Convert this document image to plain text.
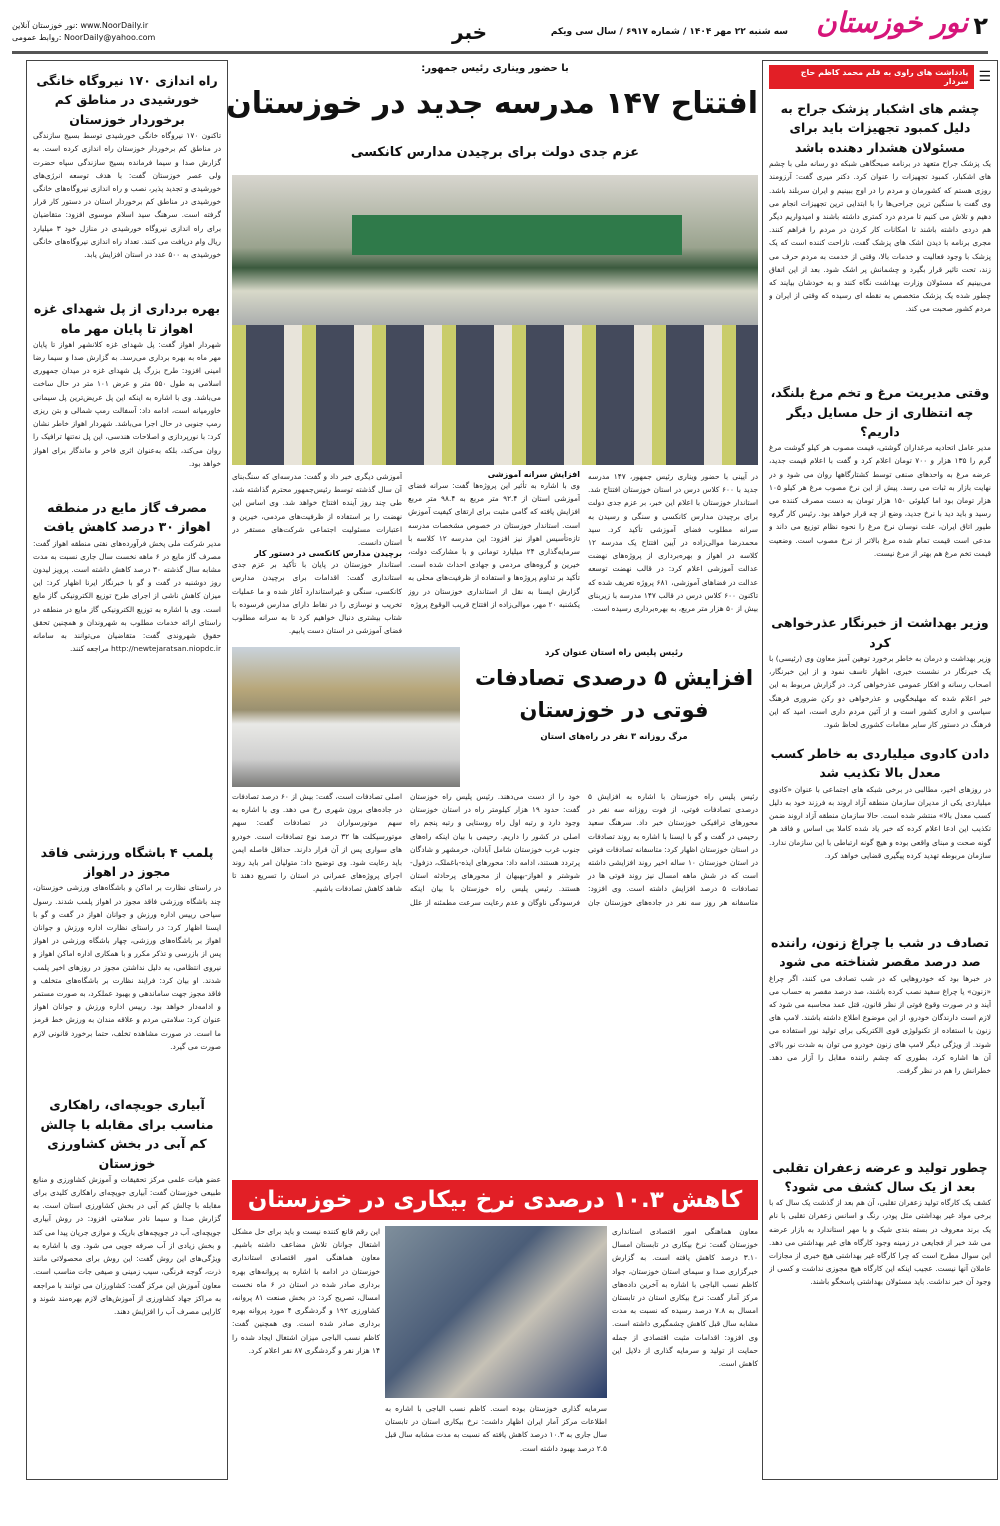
۲
نور خوزستان
سه شنبه ۲۲ مهر ۱۴۰۴ / شماره ۶۹۱۷ / سال سی ویکم
خبر
نور خوزستان آنلاین: www.NoorDaily.ir
روابط عمومی: NoorDaily@yahoo.com
☰
یادداشت های راوی به قلم محمد کاظم حاج سردار
چشم های اشکبار پزشک جراح به دلیل کمبود تجهیزات باید برای مسئولان هشدار دهنده باشد
یک پزشک جراح متعهد در برنامه صبحگاهی شبکه دو رسانه ملی با چشم های اشکبار، کمبود تجهیزات را عنوان کرد. دکتر میری گفت: آرزومند روزی هستم که کشورمان و مردم را در اوج ببینیم و ایران سربلند باشد. وی گفت با سنگین ترین جراحی‌ها را با ابتدایی ترین تجهیزات انجام می دهیم و تلاش می کنیم تا مردم درد کمتری داشته باشند و امیدواریم دیگر هم دردی داشته باشند تا امکانات کار کردن در مردم را فراهم کنند. مجری برنامه با دیدن اشک های پزشک گفت، ناراحت کننده است که یک پزشک با وجود فعالیت و خدمات بالا، وقتی از خدمت به مردم حرف می زند، تحت تاثیر قرار بگیرد و چشمانش پر اشک شود. بعد از این اتفاق می‌بینیم که مسئولان وزارت بهداشت نگاه کنند و به خودشان بیایند که چطور شده یک پزشک متخصص به نقطه ای رسیده که وقتی از ایران و مردم کشور صحبت می کند.
وقتی مدیریت مرغ و تخم مرغ بلنگد، چه انتظاری از حل مسایل دیگر داریم؟
مدیر عامل اتحادیه مرغداران گوشتی، قیمت مصوب هر کیلو گوشت مرغ گرم را ۱۳۵ هزار و ۷۰۰ تومان اعلام کرد و گفت با اعلام قیمت جدید، عرضه مرغ به واحدهای صنفی توسط کشتارگاهها روان می شود و در نهایت بازار به ثبات می رسد. پیش از این نرخ مصوب مرغ هر کیلو ۱۰۵ هزار تومان بود اما کیلوئی ۱۵۰ هزار تومان به دست مصرف کننده می رسید و باید دید با نرخ جدید، وضع از چه قرار خواهد بود. رئیس کار گروه طیور اتاق ایران، علت نوسان نرخ مرغ را نحوه نظام توزیع می داند و مدعی است قیمت تمام شده مرغ بالاتر از نرخ مصوب است. وضعیت قیمت تخم مرغ هم بهتر از مرغ نیست.
وزیر بهداشت از خبرنگار عذرخواهی کرد
وزیر بهداشت و درمان به خاطر برخورد توهین آمیز معاون وی (رئیسی) با یک خبرنگار در نشست خبری، اظهار تاسف نمود و از این خبرنگار، اصحاب رسانه و افکار عمومی عذرخواهی کرد. در گزارش مربوط به این خبر اعلام شده که مهلبخگویی و عذرخواهی دو رکن ضروری فرهنگ سیاسی و اداری کشور است و از آئین مردم داری است، امید که این فرهنگ در دستور کار سایر مقامات کشوری لحاظ شود.
دادن کادوی میلیاردی به خاطر کسب معدل بالا تکذیب شد
در روزهای اخیر، مطالبی در برخی شبکه های اجتماعی با عنوان «کادوی میلیاردی یکی از مدیران سازمان منطقه آزاد اروند به فرزند خود به دلیل کسب معدل بالا» منتشر شده است. حالا سازمان منطقه آزاد اروند ضمن تکذیب این ادعا اعلام کرده که خبر یاد شده کاملا بی اساس و فاقد هر گونه صحت و مبنای واقعی بوده و هیچ گونه ارتباطی با این سازمان ندارد. سازمان مربوطه تهدید کرده پیگیری قضایی خواهد کرد.
تصادف در شب با چراغ زنون، راننده صد درصد مقصر شناخته می شود
در خبرها بود که خودروهایی که در شب تصادف می کنند، اگر چراغ «زنون» یا چراغ سفید نصب کرده باشند، صد درصد مقصر به حساب می آیند و در صورت وقوع فوتی از نظر قانون، قتل عمد محاسبه می شود که لازم است دارندگان خودرو، از این موضوع اطلاع داشته باشند. لامپ های زنون با استفاده از تکنولوژی قوی الکتریکی برای تولید نور استفاده می شوند. از ویژگی دیگر لامپ های زنون خودرو می توان به شدت نور بالای آن ها اشاره کرد، بطوری که چشم راننده مقابل را آزار می دهد. خطرانش را هم در نظر گرفت.
چطور تولید و عرضه زعفران تقلبی بعد از یک سال کشف می شود؟
کشف یک کارگاه تولید زعفران تقلبی، آن هم بعد از گذشت یک سال که با برخی مواد غیر بهداشتی مثل پودر، رنگ و اسانس زعفران تقلبی با نام یک برند معروف در بسته بندی شیک و با مهر استاندارد به بازار عرضه می شد خبر از فجایعی در زمینه وجود کارگاه های غیر بهداشتی می دهد. این سوال مطرح است که چرا کارگاه غیر بهداشتی هیچ خبری از مجازات عاملان آنها نیست. عجیب اینکه این کارگاه هیچ مجوزی نداشت و کسی از وجود آن خبر نداشت. باید مسئولان بهداشتی پاسخگو باشند.
با حضور ویناری رئیس جمهور:
افتتاح ۱۴۷ مدرسه جدید در خوزستان
عزم جدی دولت برای برچیدن مدارس کانکسی
در آیینی با حضور ویناری رئیس جمهور، ۱۴۷ مدرسه جدید با ۶۰۰ کلاس درس در استان خوزستان افتتاح شد. استاندار خوزستان با اعلام این خبر، بر عزم جدی دولت برای برچیدن مدارس کانکسی و سنگی و رسیدن به سرانه مطلوب فضای آموزشی تأکید کرد. سید محمدرضا موالی‌زاده در آیین افتتاح یک مدرسه ۱۲ کلاسه در اهواز و بهره‌برداری از پروژه‌های نهضت عدالت آموزشی اعلام کرد: در قالب نهضت توسعه عدالت در فضاهای آموزشی، ۶۸۱ پروژه تعریف شده که تاکنون ۶۰۰ کلاس درس در قالب ۱۴۷ مدرسه با زیربنای بیش از ۵۰ هزار متر مربع، به بهره‌برداری رسیده است.
افزایش سرانه آموزشی
وی با اشاره به تأثیر این پروژه‌ها گفت: سرانه فضای آموزشی استان از ۹۲.۴ متر مربع به ۹۸.۴ متر مربع افزایش یافته که گامی مثبت برای ارتقای کیفیت آموزش است. استاندار خوزستان در خصوص مشخصات مدرسه تازه‌تأسیس اهواز نیز افزود: این مدرسه ۱۲ کلاسه با سرمایه‌گذاری ۲۴ میلیارد تومانی و با مشارکت دولت، خیرین و گروه‌های مردمی و جهادی احداث شده است. تأکید بر تداوم پروژه‌ها و استفاده از ظرفیت‌های محلی به گزارش ایسنا به نقل از استانداری خوزستان در روز یکشنبه ۲۰ مهر، موالی‌زاده از افتتاح قریب الوقوع پروژه
آموزشی دیگری خبر داد و گفت: مدرسه‌ای که سنگ‌بنای آن سال گذشته توسط رئیس‌جمهور محترم گذاشته شد، طی چند روز آینده افتتاح خواهد شد. وی اساس این نهضت را بر استفاده از ظرفیت‌های مردمی، خیرین و اعتبارات مسئولیت اجتماعی شرکت‌های مستقر در استان دانست.
برچیدن مدارس کانکسی در دستور کار
استاندار خوزستان در پایان با تأکید بر عزم جدی استانداری گفت: اقدامات برای برچیدن مدارس کانکسی، سنگی و غیراستاندارد آغاز شده و ما عملیات تخریب و نوسازی را در نقاط دارای مدارس فرسوده با شتاب بیشتری دنبال خواهیم کرد تا به سرانه مطلوب فضای آموزشی در استان دست یابیم.
رئیس پلیس راه استان عنوان کرد
افزایش ۵ درصدی تصادفات فوتی در خوزستان
مرگ روزانه ۳ نفر در راه‌های استان
رئیس پلیس راه خوزستان با اشاره به افزایش ۵ درصدی تصادفات فوتی، از فوت روزانه سه نفر در محورهای ترافیکی خوزستان خبر داد. سرهنگ سعید رحیمی در گفت و گو با ایسنا با اشاره به روند تصادفات در استان خوزستان اظهار کرد: متاسفانه تصادفات فوتی در استان خوزستان ۱۰ ساله اخیر روند افزایشی داشته است که در شش ماهه امسال نیز روند فوتی ها در تصادفات ۵ درصد افزایش داشته است. وی افزود: متاسفانه هر روز سه نفر در جاده‌های خوزستان جان خود را از دست می‌دهند. رئیس پلیس راه خوزستان گفت: حدود ۱۹ هزار کیلومتر راه در استان خوزستان وجود دارد و رتبه اول راه روستایی و رتبه پنجم راه اصلی در کشور را داریم. رحیمی با بیان اینکه راه‌های جنوب غرب خوزستان شامل آبادان، خرمشهر و شادگان پرتردد هستند، ادامه داد: محورهای ایذه-باغملک، دزفول-شوشتر و اهواز-بهبهان از محورهای پرحادثه استان هستند. رئیس پلیس راه خوزستان با بیان اینکه فرسودگی ناوگان و عدم رعایت سرعت مطمئنه از علل اصلی تصادفات است، گفت: بیش از ۶۰ درصد تصادفات در جاده‌های برون شهری رخ می دهد. وی با اشاره به سهم موتورسواران در تصادفات گفت: سهم موتورسیکلت ها ۳۲ درصد نوع تصادفات است. خودرو های سواری پس از آن قرار دارند. حداقل فاصله ایمن باید رعایت شود. وی توضیح داد: متولیان امر باید روند اجرای پروژه‌های عمرانی در استان را تسریع دهند تا شاهد کاهش تصادفات باشیم.
کاهش ۱۰.۳ درصدی نرخ بیکاری در خوزستان
معاون هماهنگی امور اقتصادی استانداری خوزستان گفت: نرخ بیکاری در تابستان امسال ۳.۱۰ درصد کاهش یافته است. به گزارش خبرگزاری صدا و سیمای استان خوزستان، جواد کاظم نسب الباجی با اشاره به آخرین داده‌های مرکز آمار گفت: نرخ بیکاری استان در تابستان امسال به ۷.۸ درصد رسیده که نسبت به مدت مشابه سال قبل کاهش چشمگیری داشته است. وی افزود: اقدامات مثبت اقتصادی از جمله حمایت از تولید و سرمایه گذاری از دلایل این کاهش است.
سرمایه گذاری خوزستان بوده است. کاظم نسب الباجی با اشاره به اطلاعات مرکز آمار ایران اظهار داشت: نرخ بیکاری استان در تابستان سال جاری به ۱۰.۳ درصد کاهش یافته که نسبت به مدت مشابه سال قبل ۲.۵ درصد بهبود داشته است.
این رقم قانع کننده نیست و باید برای حل مشکل اشتغال جوانان تلاش مضاعف داشته باشیم. معاون هماهنگی امور اقتصادی استانداری خوزستان در ادامه با اشاره به پروانه‌های بهره برداری صادر شده در استان در ۶ ماه نخست امسال، تصریح کرد: در بخش صنعت ۸۱ پروانه، کشاورزی ۱۹۲ و گردشگری ۴ مورد پروانه بهره برداری صادر شده است. وی همچنین گفت: کاظم نسب الباجی میزان اشتغال ایجاد شده را ۱۴ هزار نفر و گردشگری ۸۷ نفر اعلام کرد.
راه اندازی ۱۷۰ نیروگاه خانگی خورشیدی در مناطق کم برخوردار خوزستان
تاکنون ۱۷۰ نیروگاه خانگی خورشیدی توسط بسیج سازندگی در مناطق کم برخوردار خوزستان راه اندازی کرده است. به گزارش صدا و سیما فرمانده بسیج سازندگی سپاه حضرت ولی عصر خوزستان گفت: با هدف توسعه انرژی‌های خورشیدی و تجدید پذیر، نصب و راه اندازی نیروگاه‌های خانگی خورشیدی در مناطق کم برخوردار استان در دستور کار قرار گرفته است. سرهنگ سید اسلام موسوی افزود: متقاضیان برای راه اندازی نیروگاه خورشیدی در منازل خود ۳ میلیارد ریال وام دریافت می کنند. تعداد راه اندازی نیروگاه‌های خانگی خورشیدی به ۵۰۰ عدد در استان افزایش یابد.
بهره برداری از پل شهدای غزه اهواز تا پایان مهر ماه
شهردار اهواز گفت: پل شهدای غزه کلانشهر اهواز تا پایان مهر ماه به بهره برداری می‌رسد. به گزارش صدا و سیما رضا امینی افزود: طرح بزرگ پل شهدای غزه در میدان جمهوری اسلامی به طول ۵۵۰ متر و عرض ۱۰۱ متر در حال ساخت می‌باشد. وی با اشاره به اینکه این پل عریض‌ترین پل سیمانی خاورمیانه است، ادامه داد: آسفالت رمپ شمالی و بتن ریزی رمپ جنوبی در حال اجرا می‌باشد. شهردار اهواز خاطر نشان کرد: با نورپردازی و اصلاحات هندسی، این پل نه‌تنها ترافیک را روان می‌کند، بلکه به‌عنوان اثری فاخر و ماندگار برای اهواز خواهد بود.
مصرف گاز مایع در منطقه اهواز ۳۰ درصد کاهش یافت
مدیر شرکت ملی پخش فرآورده‌های نفتی منطقه اهواز گفت: مصرف گاز مایع در ۶ ماهه نخست سال جاری نسبت به مدت مشابه سال گذشته ۳۰ درصد کاهش داشته است. پرویز لیدون روز دوشنبه در گفت و گو با خبرنگار ایرنا اظهار کرد: این میزان کاهش ناشی از اجرای طرح توزیع الکترونیکی گاز مایع است. وی با اشاره به توزیع الکترونیکی گاز مایع در منطقه در راستای ارائه خدمات مطلوب به شهروندان و همچنین تحقق حقوق شهروندی گفت: متقاضیان می‌توانند به سامانه http://newtejaratsan.niopdc.ir مراجعه کنند.
پلمب ۴ باشگاه ورزشی فاقد مجوز در اهواز
در راستای نظارت بر اماکن و باشگاه‌های ورزشی خوزستان، چند باشگاه ورزشی فاقد مجوز در اهواز پلمب شدند. رسول سیاحی رییس اداره ورزش و جوانان اهواز در گفت و گو با ایسنا اظهار کرد: در راستای نظارت اداره ورزش و جوانان اهواز بر باشگاه‌های ورزشی، چهار باشگاه ورزشی در اهواز پس از بازرسی و تذکر مکرر و با همکاری اداره اماکن اهواز و نیروی انتظامی، به دلیل نداشتن مجوز در روزهای اخیر پلمب شدند. او بیان کرد: فرایند نظارت بر باشگاه‌های متخلف و فاقد مجوز جهت ساماندهی و بهبود عملکرد، به صورت مستمر و ادامه‌دار خواهد بود. رییس اداره ورزش و جوانان اهواز عنوان کرد: سلامتی مردم و علاقه مندان به ورزش خط قرمز ما است. در صورت مشاهده تخلف، حتما برخورد قانونی لازم صورت می گیرد.
آبیاری جویچه‌ای، راهکاری مناسب برای مقابله با چالش کم آبی در بخش کشاورزی خوزستان
عضو هیات علمی مرکز تحقیقات و آموزش کشاورزی و منابع طبیعی خوزستان گفت: آبیاری جویچه‌ای راهکاری کلیدی برای مقابله با چالش کم آبی در بخش کشاورزی استان است. به گزارش صدا و سیما نادر سلامتی افزود: در روش آبیاری جویچه‌ای، آب در جویچه‌های باریک و موازی جریان پیدا می کند و بخش زیادی از آب صرفه جویی می شود. وی با اشاره به ویژگی‌های این روش گفت: این روش برای محصولاتی مانند ذرت، گوجه فرنگی، سیب زمینی و صیفی جات مناسب است. معاون آموزش این مرکز گفت: کشاورزان می توانند با مراجعه به مراکز جهاد کشاورزی از آموزش‌های لازم بهره‌مند شوند و کارایی مصرف آب را افزایش دهند.
